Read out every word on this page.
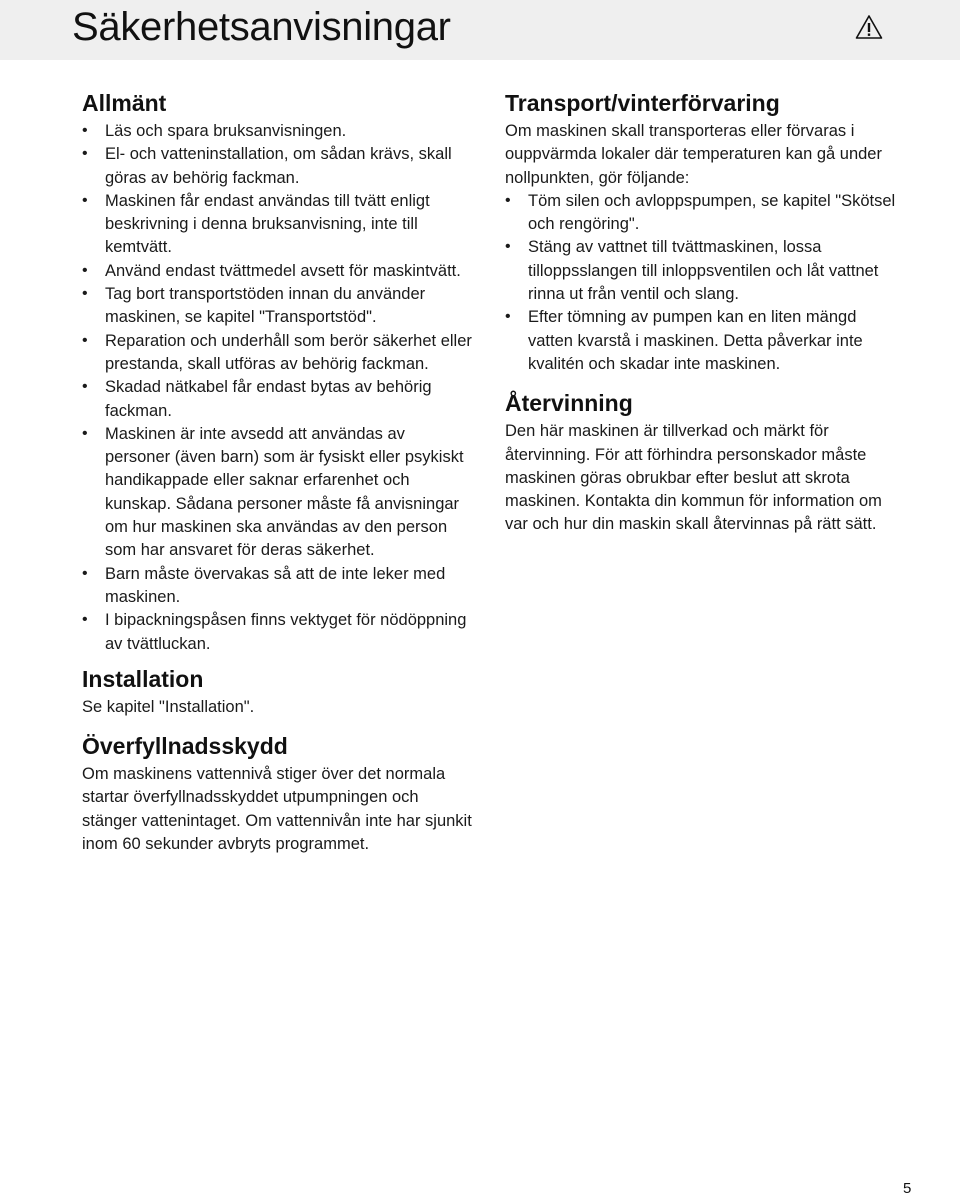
Säkerhetsanvisningar
Allmänt
• Läs och spara bruksanvisningen.
• El- och vatteninstallation, om sådan krävs, skall göras av behörig fackman.
• Maskinen får endast användas till tvätt enligt beskrivning i denna bruksanvisning, inte till kemtvätt.
• Använd endast tvättmedel avsett för maskintvätt.
• Tag bort transportstöden innan du använder maskinen, se kapitel "Transportstöd".
• Reparation och underhåll som berör säkerhet eller prestanda, skall utföras av behörig fackman.
• Skadad nätkabel får endast bytas av behörig fackman.
• Maskinen är inte avsedd att användas av personer (även barn) som är fysiskt eller psykiskt handikappade eller saknar erfarenhet och kunskap. Sådana personer måste få anvisningar om hur maskinen ska användas av den person som har ansvaret för deras säkerhet.
• Barn måste övervakas så att de inte leker med maskinen.
• I bipackningspåsen finns vektyget för nödöppning av tvättluckan.
Installation

Se kapitel "Installation".

Överfyllnadsskydd

Om maskinens vattennivå stiger över det normala startar överfyllnadsskyddet utpumpningen och stänger vattenintaget. Om vattennivån inte har sjunkit inom 60 sekunder avbryts programmet.

Transport/vinterförvaring

Om maskinen skall transporteras eller förvaras i ouppvärmda lokaler där temperaturen kan gå under nollpunkten, gör följande:

• Töm silen och avloppspumpen, se kapitel "Skötsel och rengöring".
• Stäng av vattnet till tvättmaskinen, lossa tilloppsslangen till inloppsventilen och låt vattnet rinna ut från ventil och slang.
• Efter tömning av pumpen kan en liten mängd vatten kvarstå i maskinen. Detta påverkar inte kvalitén och skadar inte maskinen.
Återvinning

Den här maskinen är tillverkad och märkt för återvinning. För att förhindra personskador måste maskinen göras obrukbar efter beslut att skrota maskinen. Kontakta din kommun för information om var och hur din maskin skall återvinnas på rätt sätt.

5
